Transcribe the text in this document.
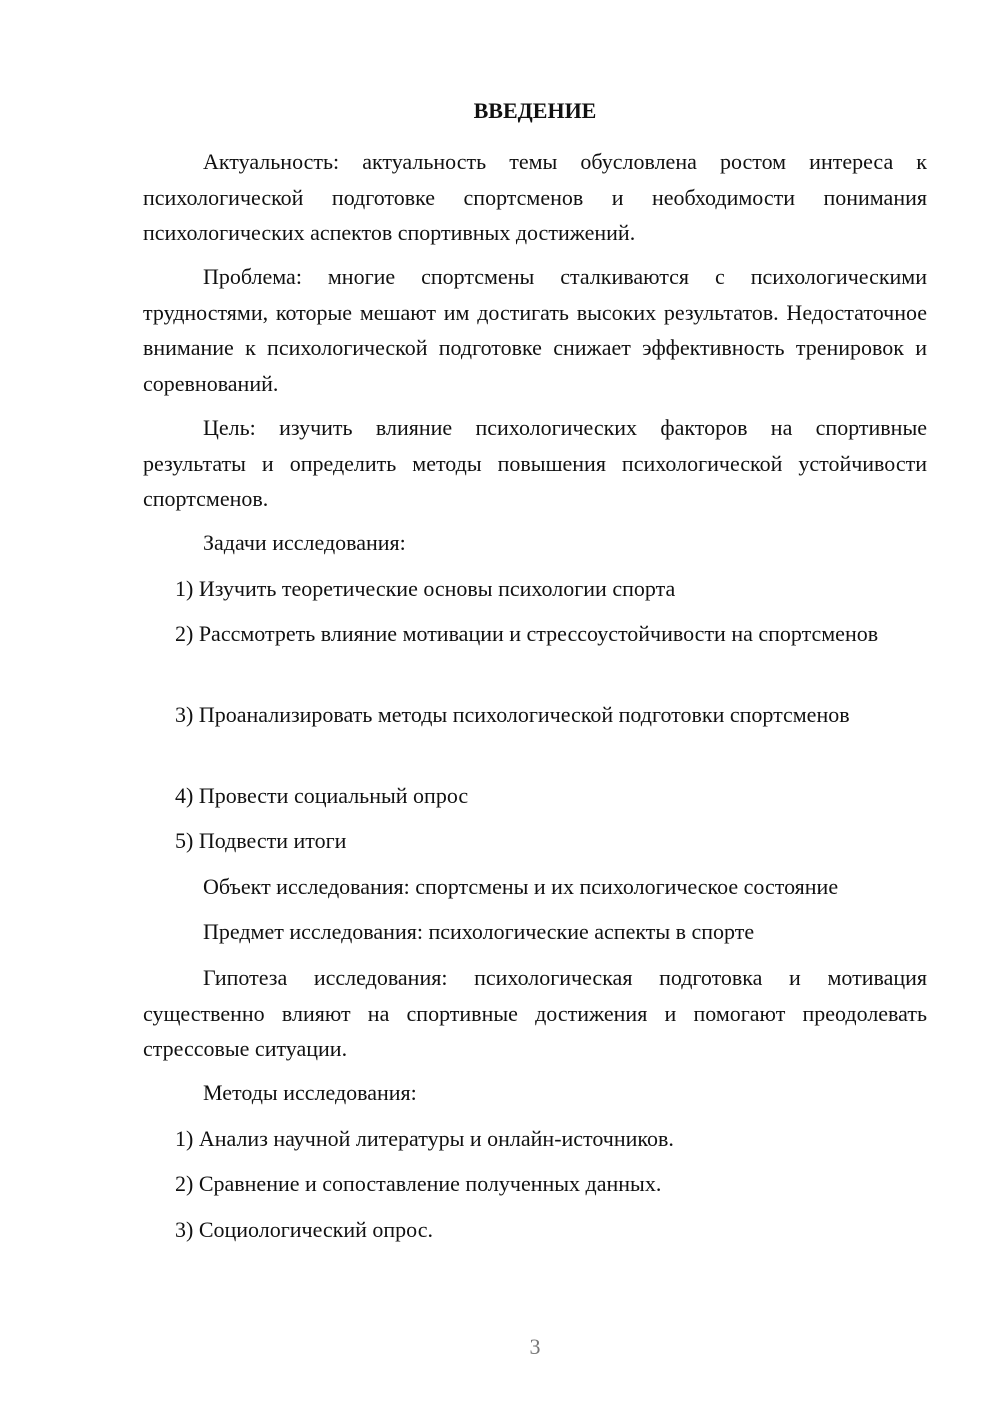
ВВЕДЕНИЕ
Актуальность: актуальность темы обусловлена ростом интереса к психологической подготовке спортсменов и необходимости понимания психологических аспектов спортивных достижений.
Проблема: многие спортсмены сталкиваются с психологическими трудностями, которые мешают им достигать высоких результатов. Недостаточное внимание к психологической подготовке снижает эффективность тренировок и соревнований.
Цель: изучить влияние психологических факторов на спортивные результаты и определить методы повышения психологической устойчивости спортсменов.
Задачи исследования:
1) Изучить теоретические основы психологии спорта
2) Рассмотреть влияние мотивации и стрессоустойчивости на спортсменов
3) Проанализировать методы психологической подготовки спортсменов
4) Провести социальный опрос
5) Подвести итоги
Объект исследования: спортсмены и их психологическое состояние
Предмет исследования: психологические аспекты в спорте
Гипотеза исследования: психологическая подготовка и мотивация существенно влияют на спортивные достижения и помогают преодолевать стрессовые ситуации.
Методы исследования:
1) Анализ научной литературы и онлайн-источников.
2) Сравнение и сопоставление полученных данных.
3) Социологический опрос.
3
